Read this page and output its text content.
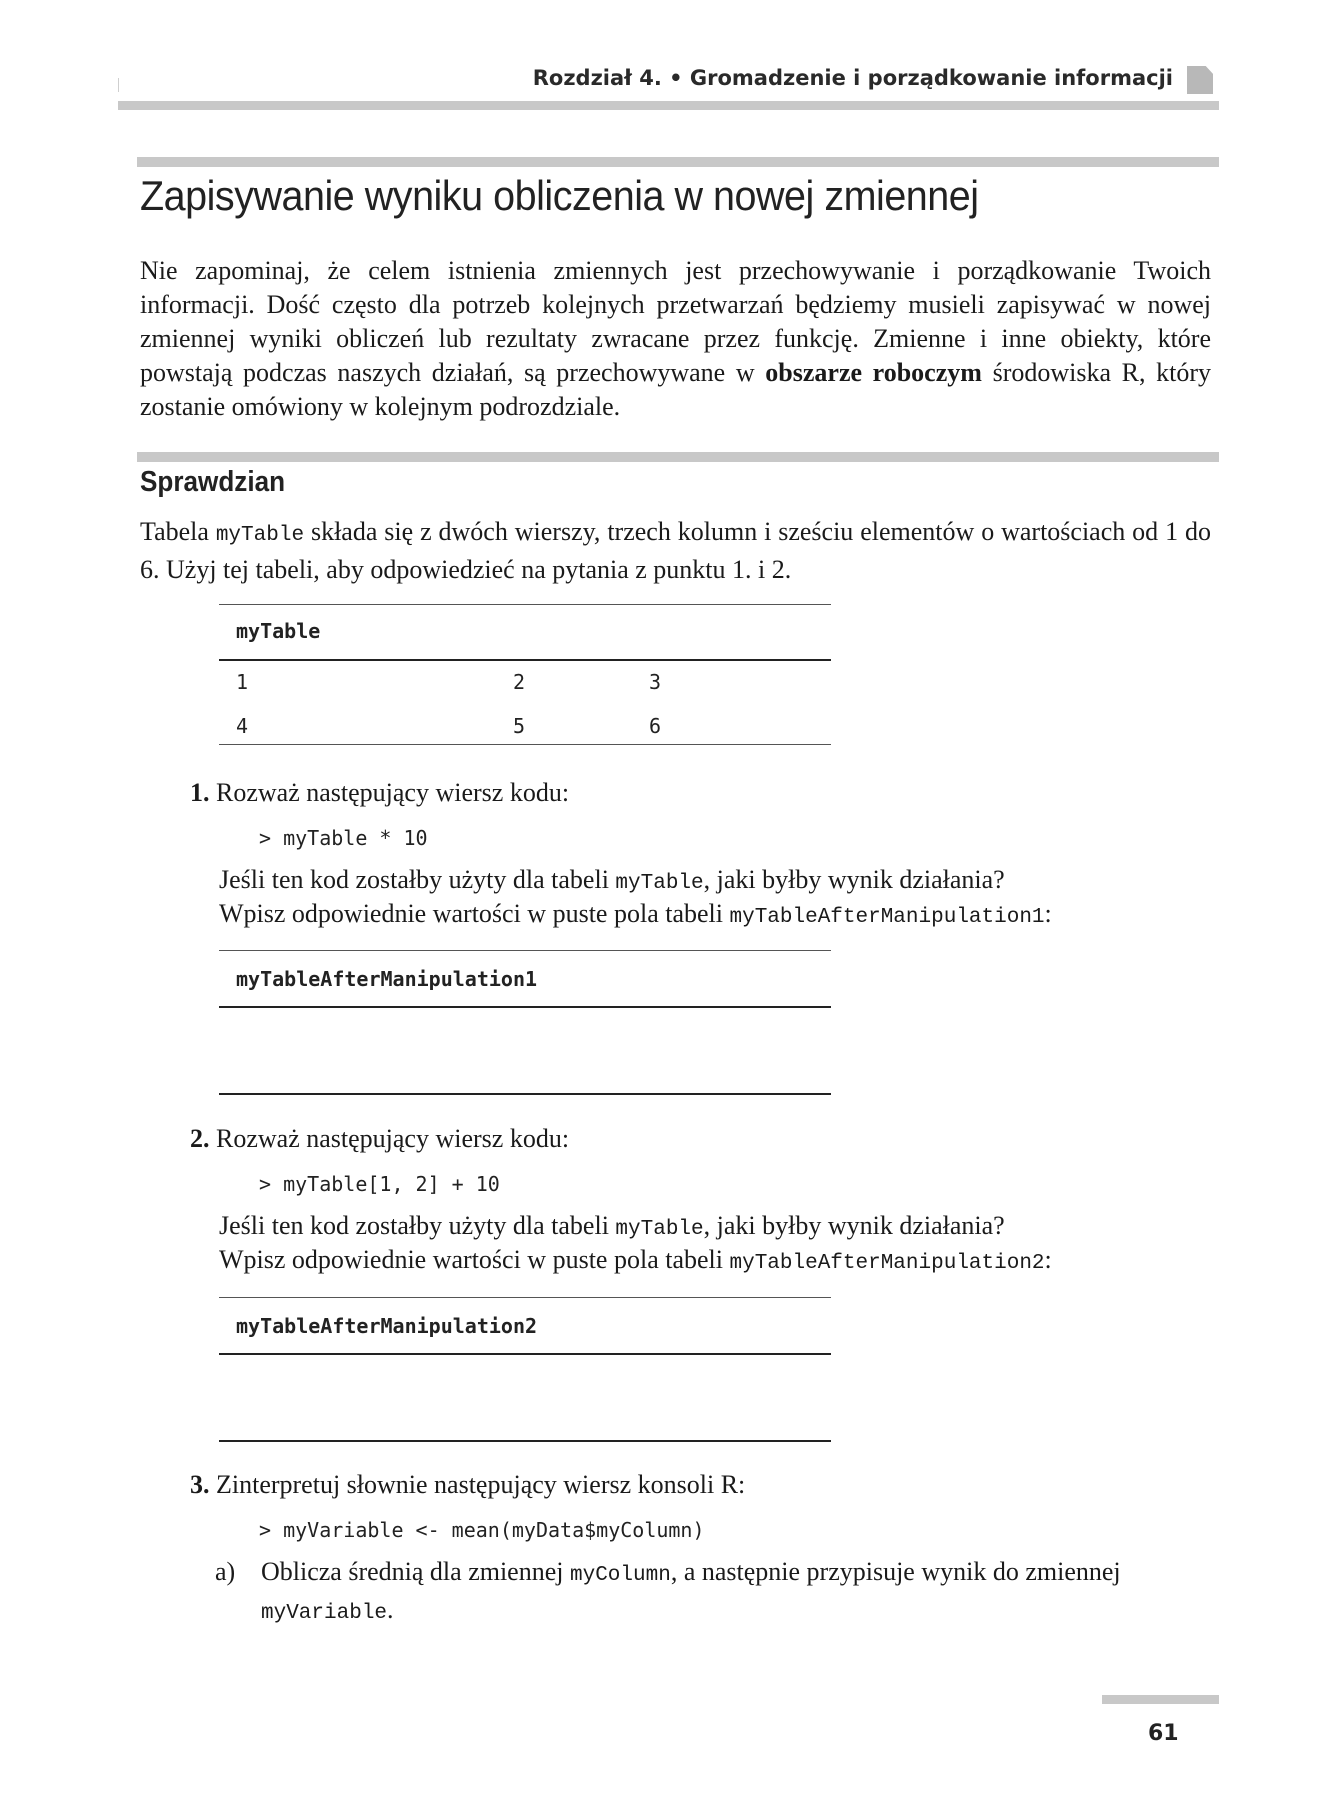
Rozdział 4. • Gromadzenie i porządkowanie informacji
Zapisywanie wyniku obliczenia w nowej zmiennej
Nie zapominaj, że celem istnienia zmiennych jest przechowywanie i porządkowanie Twoich informacji. Dość często dla potrzeb kolejnych przetwarzań będziemy musieli zapisywać w nowej zmiennej wyniki obliczeń lub rezultaty zwracane przez funkcję. Zmienne i inne obiekty, które powstają podczas naszych działań, są przechowywane w obszarze roboczym środowiska R, który zostanie omówiony w kolejnym podrozdziale.
Sprawdzian
Tabela myTable składa się z dwóch wierszy, trzech kolumn i sześciu elementów o wartościach od 1 do 6. Użyj tej tabeli, aby odpowiedzieć na pytania z punktu 1. i 2.
myTable
1	2	3
4	5	6
1. Rozważ następujący wiersz kodu:
> myTable * 10
Jeśli ten kod zostałby użyty dla tabeli myTable, jaki byłby wynik działania?
Wpisz odpowiednie wartości w puste pola tabeli myTableAfterManipulation1:
myTableAfterManipulation1
2. Rozważ następujący wiersz kodu:
> myTable[1, 2] + 10
Jeśli ten kod zostałby użyty dla tabeli myTable, jaki byłby wynik działania?
Wpisz odpowiednie wartości w puste pola tabeli myTableAfterManipulation2:
myTableAfterManipulation2
3. Zinterpretuj słownie następujący wiersz konsoli R:
> myVariable <- mean(myData$myColumn)
a) Oblicza średnią dla zmiennej myColumn, a następnie przypisuje wynik do zmiennej myVariable.
61
